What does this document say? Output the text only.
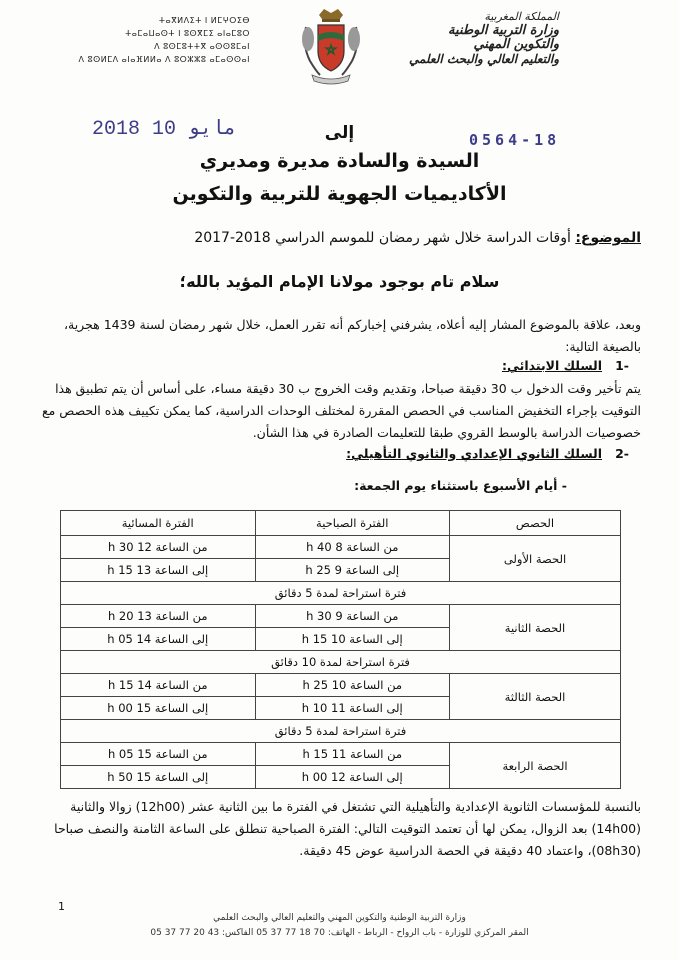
المملكة المغربية
وزارة التربية الوطنية
والتكوين المهني
والتعليم العالي والبحث العلمي
ⵜⴰⴳⵍⴷⵉⵜ ⵏ ⵍⵎⵖⵔⵉⴱ
ⵜⴰⵎⴰⵡⴰⵙⵜ ⵏ ⵓⵙⴳⵎⵉ ⴰⵏⴰⵎⵓⵔ
ⴷ ⵓⵙⵎⵓⵜⵜⴳ ⴰⵙⵙⵓⵎⴰⵏ
ⴷ ⵓⵙⵍⵎⴷ ⴰⵏⴰⴼⵍⵍⴰ ⴷ ⵓⵔⵣⵣⵓ ⴰⵎⴰⵙⵙⴰⵏ
2018 مايو 10	0564-18
إلى
السيدة والسادة مديرة ومديري
الأكاديميات الجهوية للتربية والتكوين
الموضوع: أوقات الدراسة خلال شهر رمضان للموسم الدراسي 2018-2017
سلام تام بوجود مولانا الإمام المؤيد بالله؛
وبعد، علاقة بالموضوع المشار إليه أعلاه، يشرفني إخباركم أنه تقرر العمل، خلال شهر رمضان لسنة 1439 هجرية، بالصيغة التالية:
-1   السلك الابتدائي:
يتم تأخير وقت الدخول ب 30 دقيقة صباحا، وتقديم وقت الخروج ب 30 دقيقة مساء، على أساس أن يتم تطبيق هذا التوقيت بإجراء التخفيض المناسب في الحصص المقررة لمختلف الوحدات الدراسية، كما يمكن تكييف هذه الحصص مع خصوصيات الدراسة بالوسط القروي طبقا للتعليمات الصادرة في هذا الشأن.
-2   السلك الثانوي الإعدادي والثانوي التأهيلي:
- أيام الأسبوع باستثناء يوم الجمعة:
الحصص	الفترة الصباحية	الفترة المسائية
الحصة الأولى	من الساعة 8 h 40	من الساعة 12 h 30
	إلى الساعة 9 h 25	إلى الساعة 13 h 15
فترة استراحة لمدة 5 دقائق		
الحصة الثانية	من الساعة 9 h 30	من الساعة 13 h 20
	إلى الساعة 10 h 15	إلى الساعة 14 h 05
فترة استراحة لمدة 10 دقائق		
الحصة الثالثة	من الساعة 10 h 25	من الساعة 14 h 15
	إلى الساعة 11 h 10	إلى الساعة 15 h 00
فترة استراحة لمدة 5 دقائق		
الحصة الرابعة	من الساعة 11 h 15	من الساعة 15 h 05
	إلى الساعة 12 h 00	إلى الساعة 15 h 50
بالنسبة للمؤسسات الثانوية الإعدادية والتأهيلية التي تشتغل في الفترة ما بين الثانية عشر (12h00) زوالا والثانية (14h00) بعد الزوال، يمكن لها أن تعتمد التوقيت التالي: الفترة الصباحية تنطلق على الساعة الثامنة والنصف صباحا (08h30)، واعتماد 40 دقيقة في الحصة الدراسية عوض 45 دقيقة.
1
وزارة التربية الوطنية والتكوين المهني والتعليم العالي والبحث العلمي
المقر المركزي للوزارة - باب الرواح - الرباط - الهاتف: 70 18 77 37 05 الفاكس: 43 20 77 37 05
